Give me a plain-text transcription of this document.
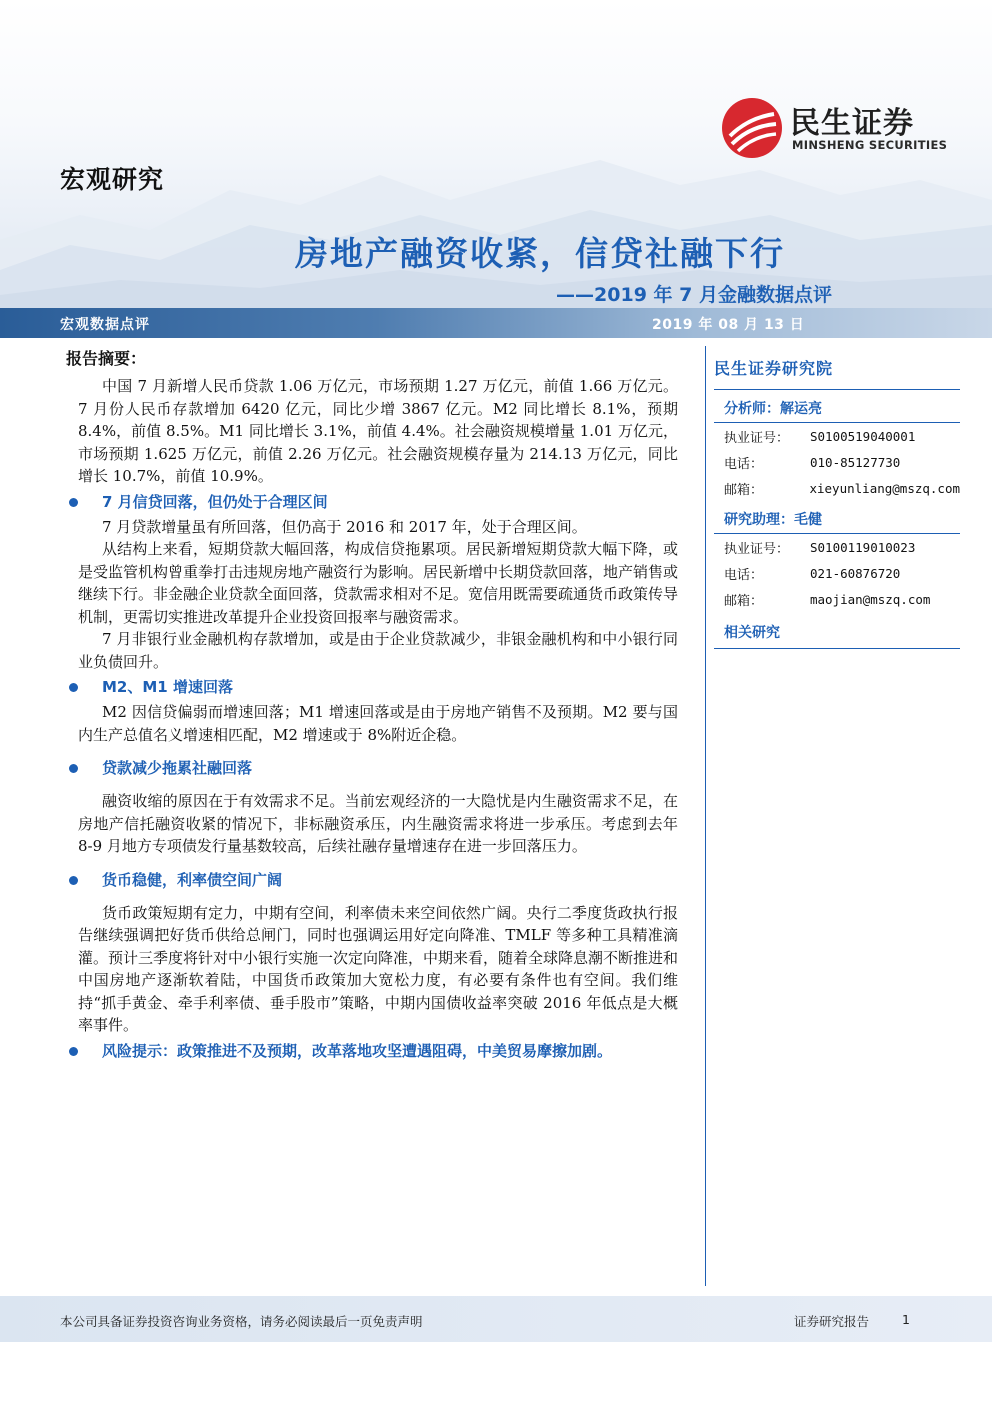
民生证券
MINSHENG SECURITIES
宏观研究
房地产融资收紧，信贷社融下行
——2019 年 7 月金融数据点评
宏观数据点评	2019 年 08 月 13 日
报告摘要：

中国 7 月新增人民币贷款 1.06 万亿元，市场预期 1.27 万亿元，前值 1.66 万亿元。7 月份人民币存款增加 6420 亿元，同比少增 3867 亿元。M2 同比增长 8.1%，预期 8.4%，前值 8.5%。M1 同比增长 3.1%，前值 4.4%。社会融资规模增量 1.01 万亿元，市场预期 1.625 万亿元，前值 2.26 万亿元。社会融资规模存量为 214.13 万亿元，同比增长 10.7%，前值 10.9%。

7 月信贷回落，但仍处于合理区间

7 月贷款增量虽有所回落，但仍高于 2016 和 2017 年，处于合理区间。

从结构上来看，短期贷款大幅回落，构成信贷拖累项。居民新增短期贷款大幅下降，或是受监管机构曾重拳打击违规房地产融资行为影响。居民新增中长期贷款回落，地产销售或继续下行。非金融企业贷款全面回落，贷款需求相对不足。宽信用既需要疏通货币政策传导机制，更需切实推进改革提升企业投资回报率与融资需求。

7 月非银行业金融机构存款增加，或是由于企业贷款减少，非银金融机构和中小银行同业负债回升。

M2、M1 增速回落

M2 因信贷偏弱而增速回落；M1 增速回落或是由于房地产销售不及预期。M2 要与国内生产总值名义增速相匹配，M2 增速或于 8%附近企稳。

贷款减少拖累社融回落

融资收缩的原因在于有效需求不足。当前宏观经济的一大隐忧是内生融资需求不足，在房地产信托融资收紧的情况下，非标融资承压，内生融资需求将进一步承压。考虑到去年 8-9 月地方专项债发行量基数较高，后续社融存量增速存在进一步回落压力。

货币稳健，利率债空间广阔

货币政策短期有定力，中期有空间，利率债未来空间依然广阔。央行二季度货政执行报告继续强调把好货币供给总闸门，同时也强调运用好定向降准、TMLF 等多种工具精准滴灌。预计三季度将针对中小银行实施一次定向降准，中期来看，随着全球降息潮不断推进和中国房地产逐渐软着陆，中国货币政策加大宽松力度，有必要有条件也有空间。我们维持“抓手黄金、牵手利率债、垂手股市”策略，中期内国债收益率突破 2016 年低点是大概率事件。

风险提示：政策推进不及预期，改革落地攻坚遭遇阻碍，中美贸易摩擦加剧。
民生证券研究院
分析师：解运亮
执业证号：	S0100519040001
电话：	010-85127730
邮箱：	xieyunliang@mszq.com
研究助理：毛健
执业证号：	S0100119010023
电话：	021-60876720
邮箱：	maojian@mszq.com
相关研究
本公司具备证券投资咨询业务资格，请务必阅读最后一页免责声明	证券研究报告	1
